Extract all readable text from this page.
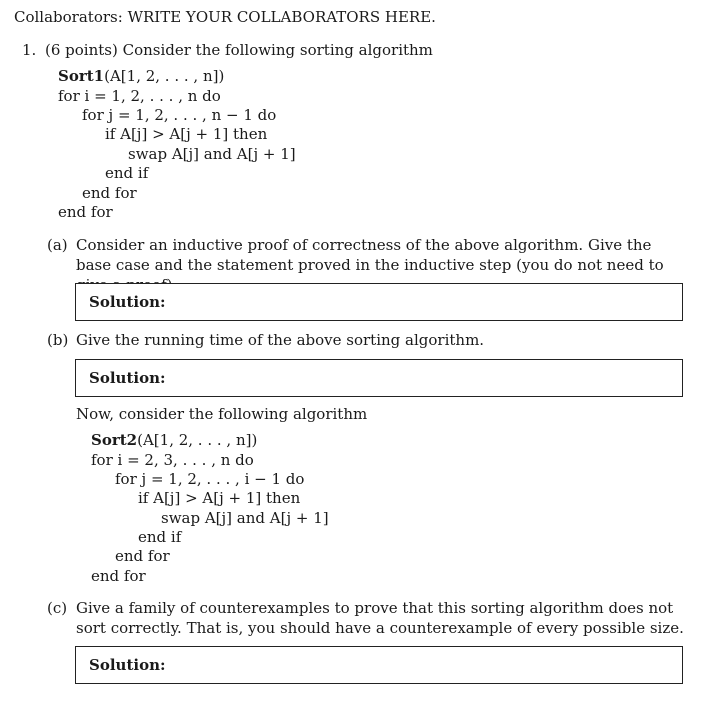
Collaborators: WRITE YOUR COLLABORATORS HERE.
1. (6 points) Consider the following sorting algorithm
Sort1(A[1, 2, . . . , n])
for i = 1, 2, . . . , n do
for j = 1, 2, . . . , n − 1 do
if A[j] > A[j + 1] then
swap A[j] and A[j + 1]
end if
end for
end for
(a) Consider an inductive proof of correctness of the above algorithm. Give the base case and the statement proved in the inductive step (you do not need to
Solution:
(b) Give the running time of the above sorting algorithm.
Solution:
Now, consider the following algorithm
Sort2(A[1, 2, . . . , n])
for i = 2, 3, . . . , n do
for j = 1, 2, . . . , i − 1 do
if A[j] > A[j + 1] then
swap A[j] and A[j + 1]
end if
end for
end for
(c) Give a family of counterexamples to prove that this sorting algorithm does not sort correctly. That is, you should have a counterexample of every possible size.
Solution:
